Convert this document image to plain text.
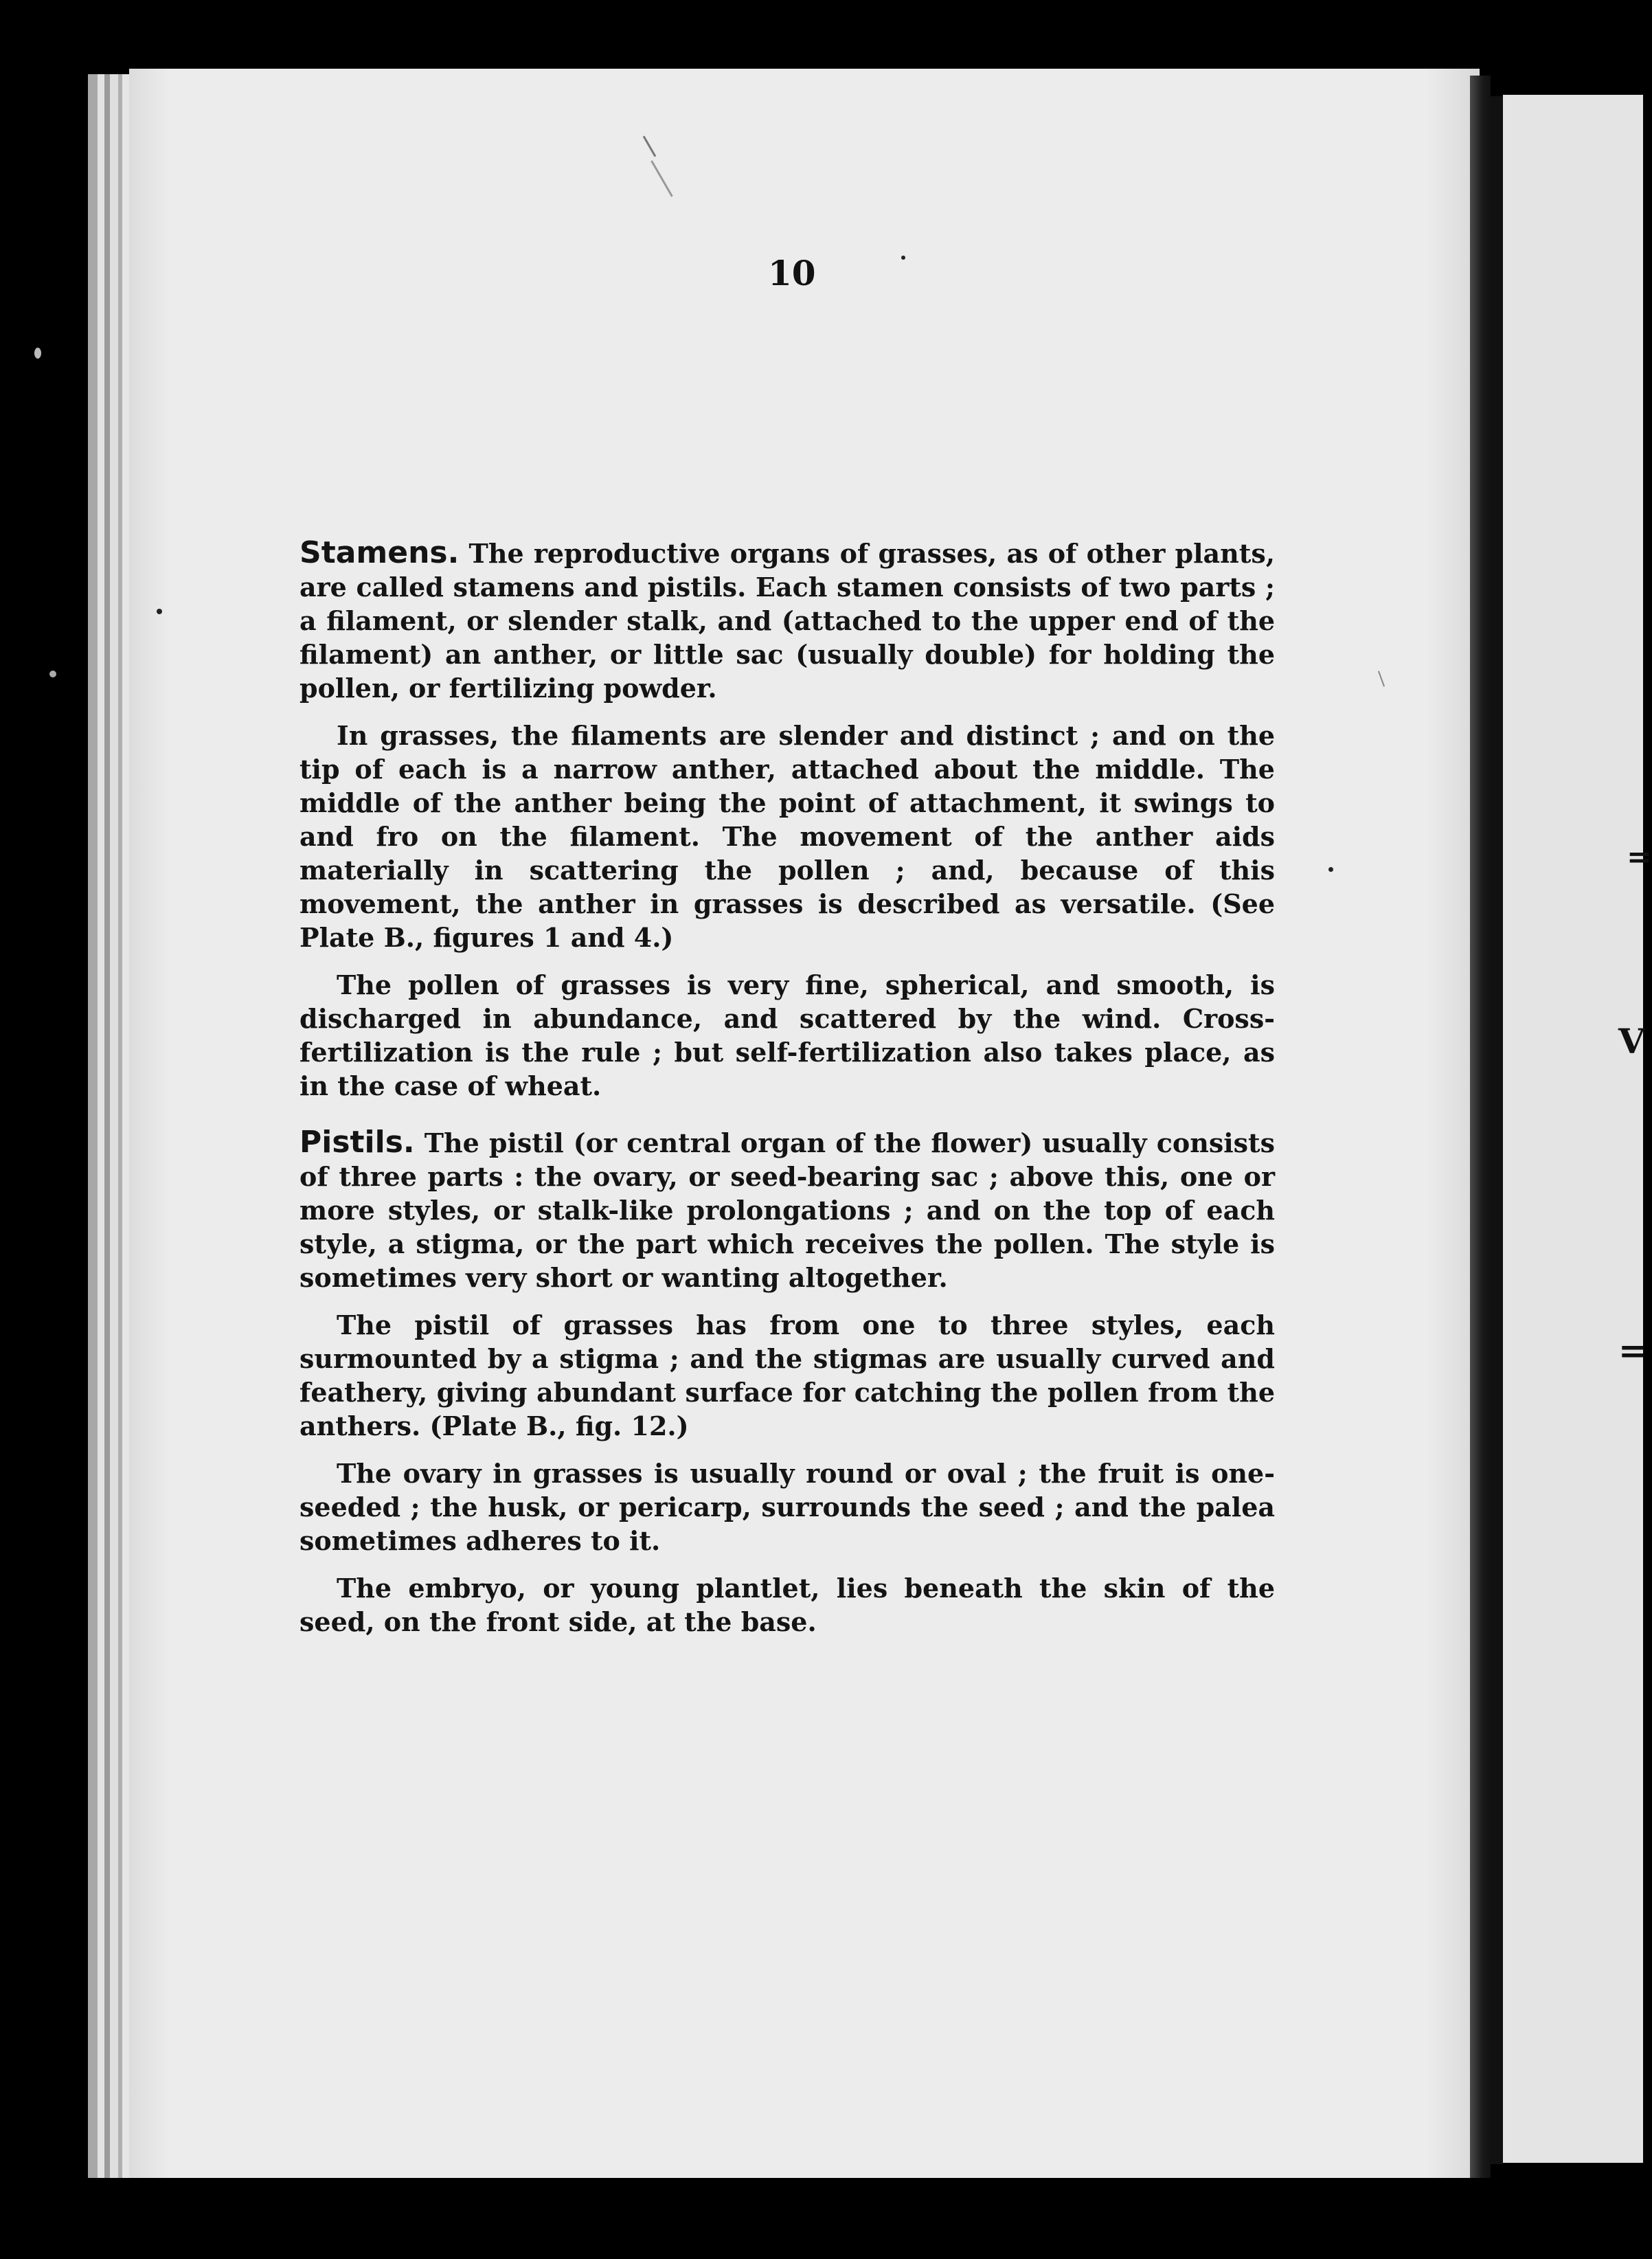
=
V
=
10

Stamens. The reproductive organs of grasses, as of other plants, are called stamens and pistils. Each stamen consists of two parts ; a filament, or slender stalk, and (attached to the upper end of the filament) an anther, or little sac (usually double) for holding the pollen, or fertilizing powder.

In grasses, the filaments are slender and distinct ; and on the tip of each is a narrow anther, attached about the middle. The middle of the anther being the point of attachment, it swings to and fro on the filament. The movement of the anther aids materially in scattering the pollen ; and, because of this movement, the anther in grasses is described as versatile. (See Plate B., figures 1 and 4.)

The pollen of grasses is very fine, spherical, and smooth, is discharged in abundance, and scattered by the wind. Cross-fertilization is the rule ; but self-fertilization also takes place, as in the case of wheat.

Pistils. The pistil (or central organ of the flower) usually consists of three parts : the ovary, or seed-bearing sac ; above this, one or more styles, or stalk-like prolongations ; and on the top of each style, a stigma, or the part which receives the pollen. The style is sometimes very short or wanting altogether.

The pistil of grasses has from one to three styles, each surmounted by a stigma ; and the stigmas are usually curved and feathery, giving abundant surface for catching the pollen from the anthers. (Plate B., fig. 12.)

The ovary in grasses is usually round or oval ; the fruit is one-seeded ; the husk, or pericarp, surrounds the seed ; and the palea sometimes adheres to it.

The embryo, or young plantlet, lies beneath the skin of the seed, on the front side, at the base.
